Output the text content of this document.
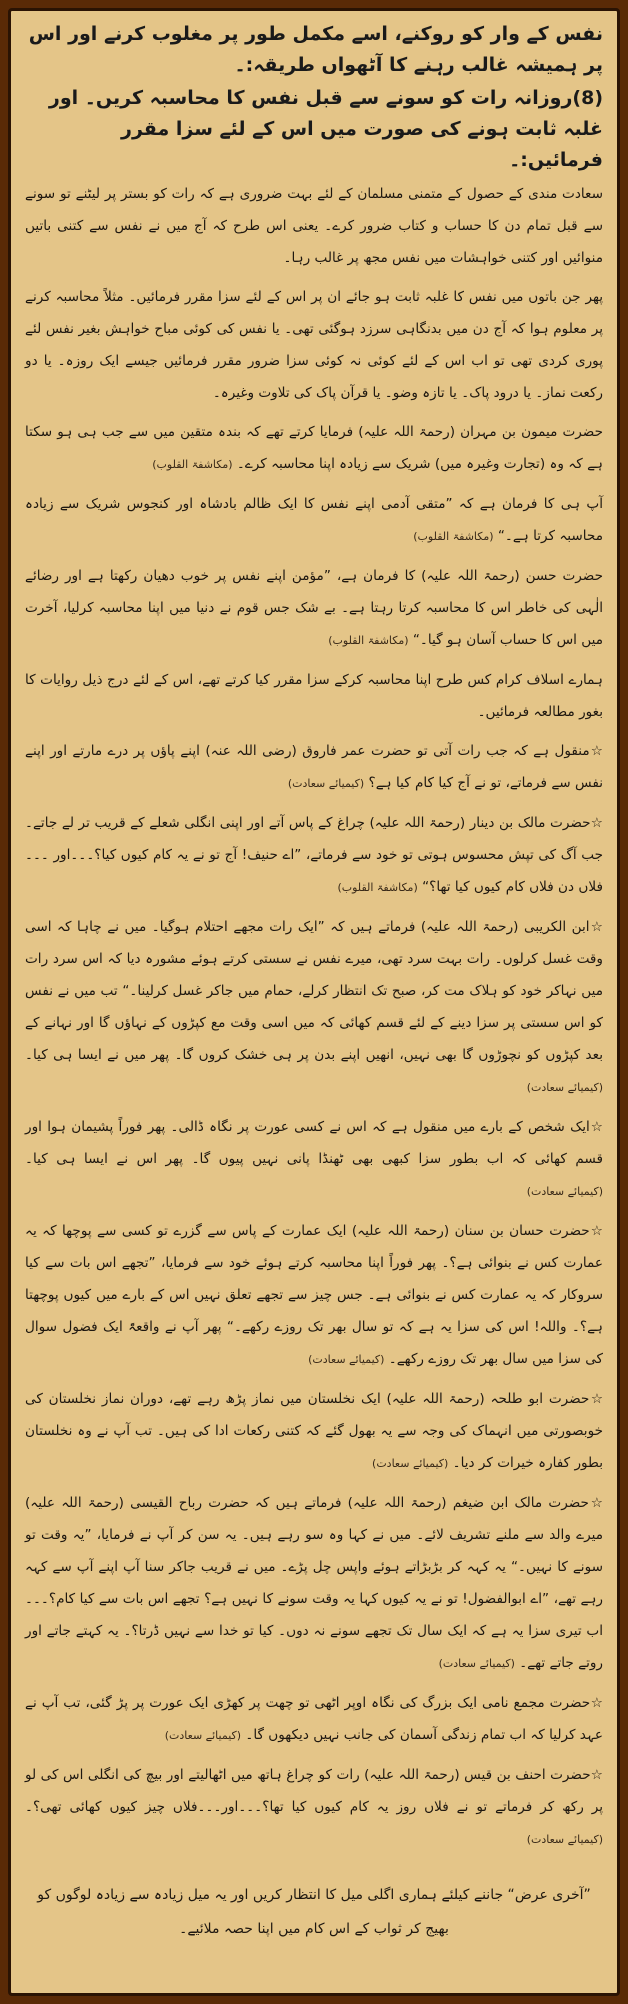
نفس کے وار کو روکنے، اسے مکمل طور پر مغلوب کرنے اور اس پر ہمیشہ غالب رہنے کا آٹھواں طریقہ:۔

(8)روزانہ رات کو سونے سے قبل نفس کا محاسبہ کریں۔ اور غلبہ ثابت ہونے کی صورت میں اس کے لئے سزا مقرر فرمائیں:۔

سعادت مندی کے حصول کے متمنی مسلمان کے لئے بہت ضروری ہے کہ رات کو بستر پر لیٹنے تو سونے سے قبل تمام دن کا حساب و کتاب ضرور کرے۔ یعنی اس طرح کہ آج میں نے نفس سے کتنی باتیں منوائیں اور کتنی خواہشات میں نفس مجھ پر غالب رہا۔

پھر جن باتوں میں نفس کا غلبہ ثابت ہو جائے ان پر اس کے لئے سزا مقرر فرمائیں۔ مثلاً محاسبہ کرنے پر معلوم ہوا کہ آج دن میں بدنگاہی سرزد ہوگئی تھی۔ یا نفس کی کوئی مباح خواہش بغیر نفس لئے پوری کردی تھی تو اب اس کے لئے کوئی نہ کوئی سزا ضرور مقرر فرمائیں جیسے ایک روزہ۔ یا دو رکعت نماز۔ یا درود پاک۔ یا تازہ وضو۔ یا قرآن پاک کی تلاوت وغیرہ۔

حضرت میمون بن مہران (رحمۃ اللہ علیہ) فرمایا کرتے تھے کہ بندہ متقین میں سے جب ہی ہو سکتا ہے کہ وہ (تجارت وغیرہ میں) شریک سے زیادہ اپنا محاسبہ کرے۔ (مکاشفۃ القلوب)

آپ ہی کا فرمان ہے کہ ”متقی آدمی اپنے نفس کا ایک ظالم بادشاہ اور کنجوس شریک سے زیادہ محاسبہ کرتا ہے۔“ (مکاشفۃ القلوب)

حضرت حسن (رحمۃ اللہ علیہ) کا فرمان ہے، ”مؤمن اپنے نفس پر خوب دھیان رکھتا ہے اور رضائے الٰہی کی خاطر اس کا محاسبہ کرتا رہتا ہے۔ بے شک جس قوم نے دنیا میں اپنا محاسبہ کرلیا، آخرت میں اس کا حساب آسان ہو گیا۔“ (مکاشفۃ القلوب)

ہمارے اسلاف کرام کس طرح اپنا محاسبہ کرکے سزا مقرر کیا کرتے تھے، اس کے لئے درج ذیل روایات کا بغور مطالعہ فرمائیں۔

☆منقول ہے کہ جب رات آتی تو حضرت عمر فاروق (رضی اللہ عنہ) اپنے پاؤں پر درے مارتے اور اپنے نفس سے فرماتے، تو نے آج کیا کام کیا ہے؟ (کیمیائے سعادت)

☆حضرت مالک بن دینار (رحمۃ اللہ علیہ) چراغ کے پاس آتے اور اپنی انگلی شعلے کے قریب تر لے جاتے۔ جب آگ کی تپش محسوس ہوتی تو خود سے فرماتے، ”اے حنیف! آج تو نے یہ کام کیوں کیا؟۔۔۔اور ۔۔۔فلاں دن فلاں کام کیوں کیا تھا؟“ (مکاشفۃ القلوب)

☆ابن الکریبی (رحمۃ اللہ علیہ) فرماتے ہیں کہ ”ایک رات مجھے احتلام ہوگیا۔ میں نے چاہا کہ اسی وقت غسل کرلوں۔ رات بہت سرد تھی، میرے نفس نے سستی کرتے ہوئے مشورہ دیا کہ اس سرد رات میں نہاکر خود کو ہلاک مت کر، صبح تک انتظار کرلے، حمام میں جاکر غسل کرلینا۔“ تب میں نے نفس کو اس سستی پر سزا دینے کے لئے قسم کھائی کہ میں اسی وقت مع کپڑوں کے نہاؤں گا اور نہانے کے بعد کپڑوں کو نچوڑوں گا بھی نہیں، انھیں اپنے بدن پر ہی خشک کروں گا۔ پھر میں نے ایسا ہی کیا۔ (کیمیائے سعادت)

☆ایک شخص کے بارے میں منقول ہے کہ اس نے کسی عورت پر نگاہ ڈالی۔ پھر فوراً پشیمان ہوا اور قسم کھائی کہ اب بطور سزا کبھی بھی ٹھنڈا پانی نہیں پیوں گا۔ پھر اس نے ایسا ہی کیا۔ (کیمیائے سعادت)

☆حضرت حسان بن سنان (رحمۃ اللہ علیہ) ایک عمارت کے پاس سے گزرے تو کسی سے پوچھا کہ یہ عمارت کس نے بنوائی ہے؟۔ پھر فوراً اپنا محاسبہ کرتے ہوئے خود سے فرمایا، ”تجھے اس بات سے کیا سروکار کہ یہ عمارت کس نے بنوائی ہے۔ جس چیز سے تجھے تعلق نہیں اس کے بارے میں کیوں پوچھتا ہے؟۔ واللہ! اس کی سزا یہ ہے کہ تو سال بھر تک روزے رکھے۔“ پھر آپ نے واقعۃً ایک فضول سوال کی سزا میں سال بھر تک روزے رکھے۔ (کیمیائے سعادت)

☆حضرت ابو طلحہ (رحمۃ اللہ علیہ) ایک نخلستان میں نماز پڑھ رہے تھے، دوران نماز نخلستان کی خوبصورتی میں انہماک کی وجہ سے یہ بھول گئے کہ کتنی رکعات ادا کی ہیں۔ تب آپ نے وہ نخلستان بطور کفارہ خیرات کر دیا۔ (کیمیائے سعادت)

☆حضرت مالک ابن ضیغم (رحمۃ اللہ علیہ) فرماتے ہیں کہ حضرت رباح القیسی (رحمۃ اللہ علیہ) میرے والد سے ملنے تشریف لائے۔ میں نے کہا وہ سو رہے ہیں۔ یہ سن کر آپ نے فرمایا، ”یہ وقت تو سونے کا نہیں۔“ یہ کہہ کر بڑبڑاتے ہوئے واپس چل پڑے۔ میں نے قریب جاکر سنا آپ اپنے آپ سے کہہ رہے تھے، ”اے ابوالفضول! تو نے یہ کیوں کہا یہ وقت سونے کا نہیں ہے؟ تجھے اس بات سے کیا کام؟۔۔۔اب تیری سزا یہ ہے کہ ایک سال تک تجھے سونے نہ دوں۔ کیا تو خدا سے نہیں ڈرتا؟۔ یہ کہتے جاتے اور روتے جاتے تھے۔ (کیمیائے سعادت)

☆حضرت مجمع نامی ایک بزرگ کی نگاہ اوپر اٹھی تو چھت پر کھڑی ایک عورت پر پڑ گئی، تب آپ نے عہد کرلیا کہ اب تمام زندگی آسمان کی جانب نہیں دیکھوں گا۔ (کیمیائے سعادت)

☆حضرت احنف بن قیس (رحمۃ اللہ علیہ) رات کو چراغ ہاتھ میں اٹھالیتے اور بیچ کی انگلی اس کی لو پر رکھ کر فرماتے تو نے فلاں روز یہ کام کیوں کیا تھا؟۔۔۔اور۔۔۔فلاں چیز کیوں کھائی تھی؟۔ (کیمیائے سعادت)

”آخری عرض“ جاننے کیلئے ہماری اگلی میل کا انتظار کریں اور یہ میل زیادہ سے زیادہ لوگوں کو بھیج کر ثواب کے اس کام میں اپنا حصہ ملائیے۔
